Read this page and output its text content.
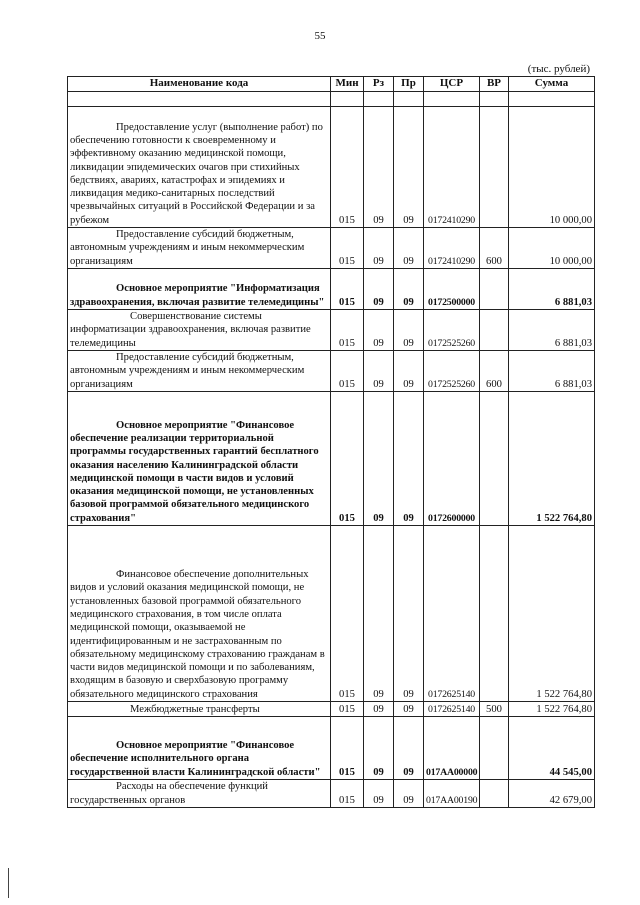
55
(тыс. рублей)
Наименование кода	Мин	Рз	Пр	ЦСР	ВР	Сумма

Предоставление услуг (выполнение работ) по обеспечению готовности к своевременному и эффективному оказанию медицинской помощи, ликвидации эпидемических очагов при стихийных бедствиях, авариях, катастрофах и эпидемиях и ликвидация медико-санитарных последствий чрезвычайных ситуаций в Российской Федерации и за рубежом	015	09	09	0172410290		10 000,00
Предоставление субсидий бюджетным, автономным учреждениям и иным некоммерческим организациям	015	09	09	0172410290	600	10 000,00
Основное мероприятие "Информатизация здравоохранения, включая развитие телемедицины"	015	09	09	0172500000		6 881,03
Совершенствование системы информатизации здравоохранения, включая развитие телемедицины	015	09	09	0172525260		6 881,03
Предоставление субсидий бюджетным, автономным учреждениям и иным некоммерческим организациям	015	09	09	0172525260	600	6 881,03
Основное мероприятие "Финансовое обеспечение реализации территориальной программы государственных гарантий бесплатного оказания населению Калининградской области медицинской помощи в части видов и условий оказания медицинской помощи, не установленных базовой программой обязательного медицинского страхования"	015	09	09	0172600000		1 522 764,80
Финансовое обеспечение дополнительных видов и условий оказания медицинской помощи, не установленных базовой программой обязательного медицинского страхования, в том числе оплата медицинской помощи, оказываемой не идентифицированным и не застрахованным по обязательному медицинскому страхованию гражданам в части видов медицинской помощи и по заболеваниям, входящим в базовую и сверхбазовую программу обязательного медицинского страхования	015	09	09	0172625140		1 522 764,80
Межбюджетные трансферты	015	09	09	0172625140	500	1 522 764,80
Основное мероприятие "Финансовое обеспечение исполнительного органа государственной власти Калининградской области"	015	09	09	017АА00000		44 545,00
Расходы на обеспечение функций государственных органов	015	09	09	017АА00190		42 679,00
